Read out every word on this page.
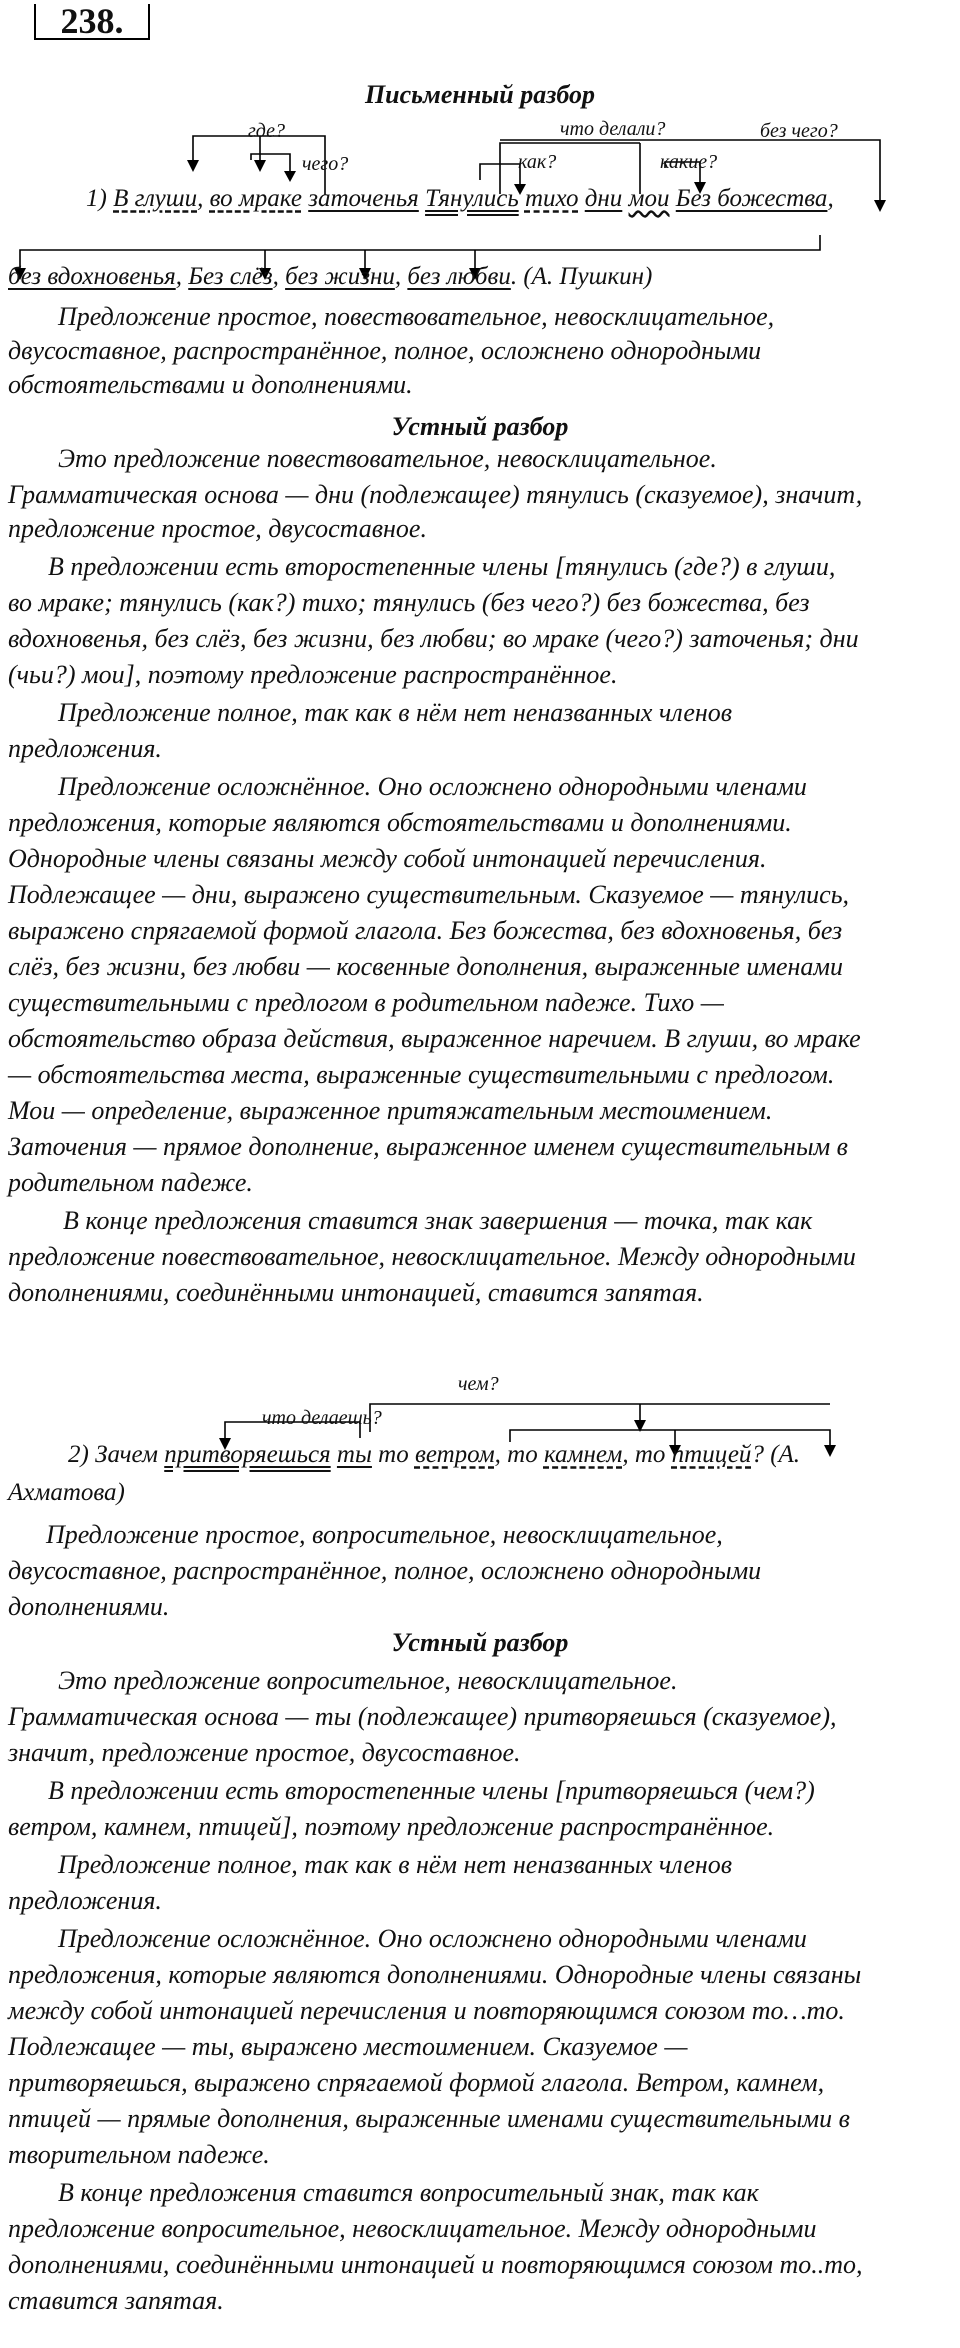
238.
Письменный разбор
где?	что делали?	без чего?
чего?	как?	какие?
1) В глуши, во мраке заточенья Тянулись тихо дни мои Без божества,
без вдохновенья, Без слёз, без жизни, без любви. (А. Пушкин)
Предложение простое, повествовательное, невосклицательное,
двусоставное, распространённое, полное, осложнено однородными
обстоятельствами и дополнениями.
Это предложение повествовательное, невосклицательное.
Грамматическая основа — дни (подлежащее) тянулись (сказуемое), значит,
предложение простое, двусоставное.
В предложении есть второстепенные члены [тянулись (где?) в глуши,
во мраке; тянулись (как?) тихо; тянулись (без чего?) без божества, без
вдохновенья, без слёз, без жизни, без любви; во мраке (чего?) заточенья; дни
(чьи?) мои], поэтому предложение распространённое.
Предложение полное, так как в нём нет неназванных членов
предложения.
Предложение осложнённое. Оно осложнено однородными членами
предложения, которые являются обстоятельствами и дополнениями.
Однородные члены связаны между собой интонацией перечисления.
Подлежащее — дни, выражено существительным. Сказуемое — тянулись,
выражено спрягаемой формой глагола. Без божества, без вдохновенья, без
слёз, без жизни, без любви — косвенные дополнения, выраженные именами
существительными с предлогом в родительном падеже. Тихо —
обстоятельство образа действия, выраженное наречием. В глуши, во мраке
— обстоятельства места, выраженные существительными с предлогом.
Мои — определение, выраженное притяжательным местоимением.
Заточения — прямое дополнение, выраженное именем существительным в
родительном падеже.
В конце предложения ставится знак завершения — точка, так как
предложение повествовательное, невосклицательное. Между однородными
дополнениями, соединёнными интонацией, ставится запятая.
Устный разбор
чем?
что делаешь?
2) Зачем притворяешься ты то ветром, то камнем, то птицей? (А.
Ахматова)
Предложение простое, вопросительное, невосклицательное,
двусоставное, распространённое, полное, осложнено однородными
дополнениями.
Это предложение вопросительное, невосклицательное.
Грамматическая основа — ты (подлежащее) притворяешься (сказуемое),
значит, предложение простое, двусоставное.
В предложении есть второстепенные члены [притворяешься (чем?)
ветром, камнем, птицей], поэтому предложение распространённое.
Предложение полное, так как в нём нет неназванных членов
предложения.
Предложение осложнённое. Оно осложнено однородными членами
предложения, которые являются дополнениями. Однородные члены связаны
между собой интонацией перечисления и повторяющимся союзом то…то.
Подлежащее — ты, выражено местоимением. Сказуемое —
притворяешься, выражено спрягаемой формой глагола. Ветром, камнем,
птицей — прямые дополнения, выраженные именами существительными в
творительном падеже.
В конце предложения ставится вопросительный знак, так как
предложение вопросительное, невосклицательное. Между однородными
дополнениями, соединёнными интонацией и повторяющимся союзом то..то,
ставится запятая.
Устный разбор
